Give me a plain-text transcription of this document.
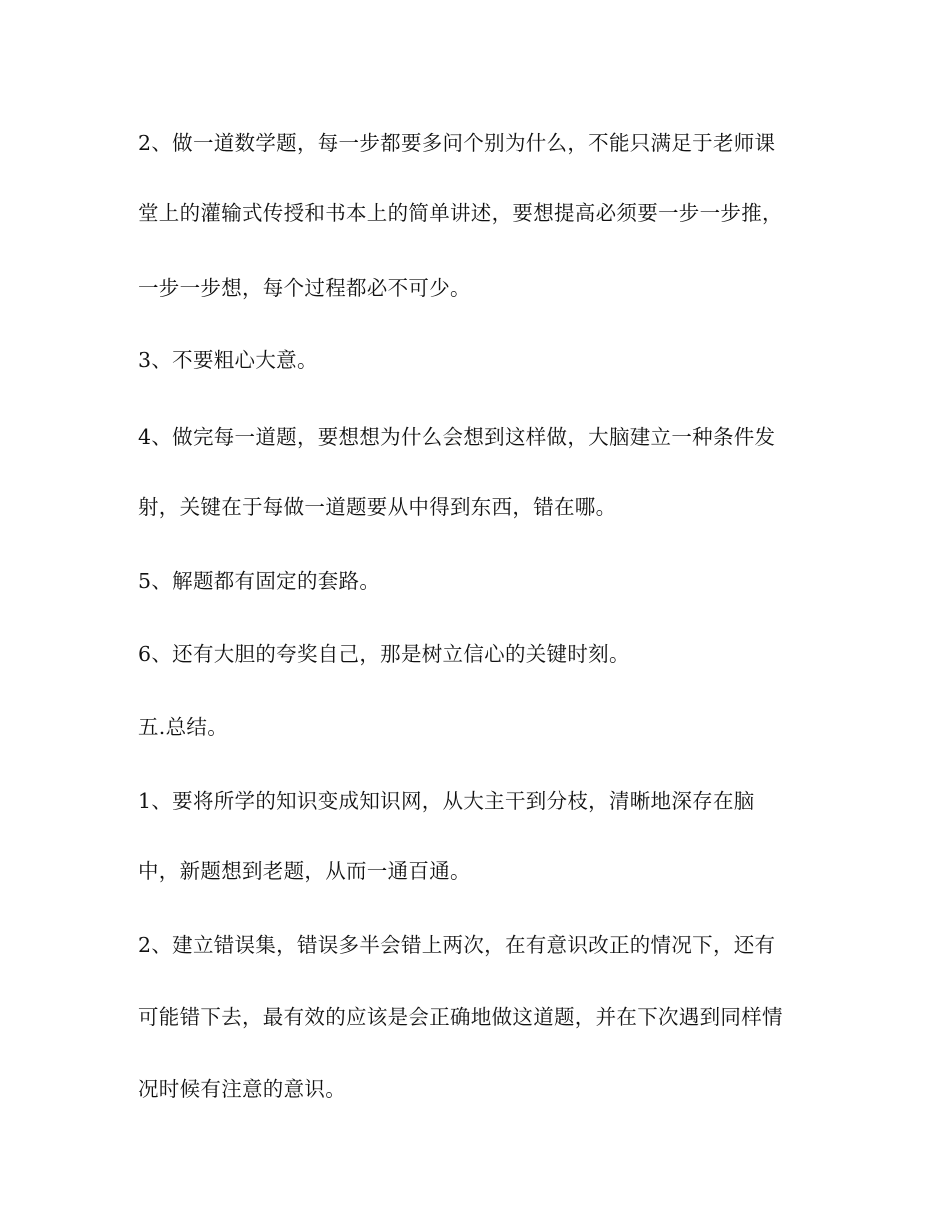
2、做一道数学题，每一步都要多问个别为什么，不能只满足于老师课
堂上的灌输式传授和书本上的简单讲述，要想提高必须要一步一步推，
一步一步想，每个过程都必不可少。
3、不要粗心大意。
4、做完每一道题，要想想为什么会想到这样做，大脑建立一种条件发
射，关键在于每做一道题要从中得到东西，错在哪。
5、解题都有固定的套路。
6、还有大胆的夸奖自己，那是树立信心的关键时刻。
五.总结。
1、要将所学的知识变成知识网，从大主干到分枝，清晰地深存在脑
中，新题想到老题，从而一通百通。
2、建立错误集，错误多半会错上两次，在有意识改正的情况下，还有
可能错下去，最有效的应该是会正确地做这道题，并在下次遇到同样情
况时候有注意的意识。
